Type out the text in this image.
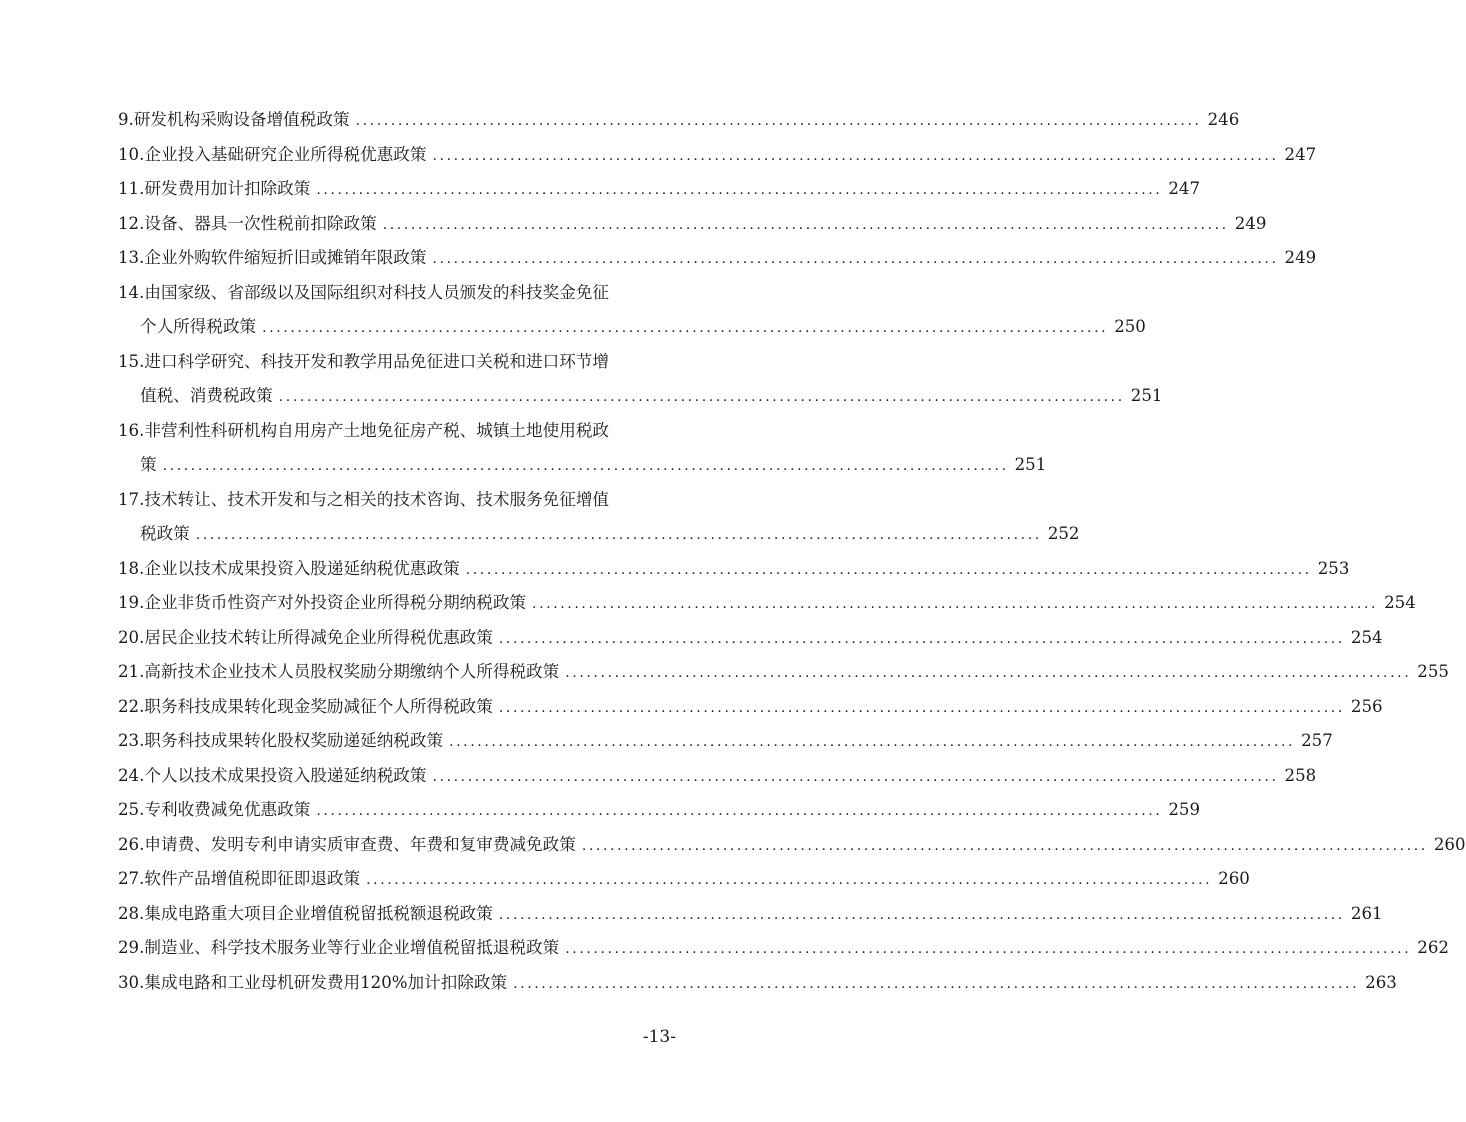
9.研发机构采购设备增值税政策 ........................................................................................................................ 246
10.企业投入基础研究企业所得税优惠政策 ........................................................................................................................ 247
11.研发费用加计扣除政策 ........................................................................................................................ 247
12.设备、器具一次性税前扣除政策 ........................................................................................................................ 249
13.企业外购软件缩短折旧或摊销年限政策 ........................................................................................................................ 249
14.由国家级、省部级以及国际组织对科技人员颁发的科技奖金免征
个人所得税政策 ........................................................................................................................ 250
15.进口科学研究、科技开发和教学用品免征进口关税和进口环节增
值税、消费税政策 ........................................................................................................................ 251
16.非营利性科研机构自用房产土地免征房产税、城镇土地使用税政
策 ........................................................................................................................ 251
17.技术转让、技术开发和与之相关的技术咨询、技术服务免征增值
税政策 ........................................................................................................................ 252
18.企业以技术成果投资入股递延纳税优惠政策 ........................................................................................................................ 253
19.企业非货币性资产对外投资企业所得税分期纳税政策 ........................................................................................................................ 254
20.居民企业技术转让所得减免企业所得税优惠政策 ........................................................................................................................ 254
21.高新技术企业技术人员股权奖励分期缴纳个人所得税政策 ........................................................................................................................ 255
22.职务科技成果转化现金奖励减征个人所得税政策 ........................................................................................................................ 256
23.职务科技成果转化股权奖励递延纳税政策 ........................................................................................................................ 257
24.个人以技术成果投资入股递延纳税政策 ........................................................................................................................ 258
25.专利收费减免优惠政策 ........................................................................................................................ 259
26.申请费、发明专利申请实质审查费、年费和复审费减免政策 ........................................................................................................................ 260
27.软件产品增值税即征即退政策 ........................................................................................................................ 260
28.集成电路重大项目企业增值税留抵税额退税政策 ........................................................................................................................ 261
29.制造业、科学技术服务业等行业企业增值税留抵退税政策 ........................................................................................................................ 262
30.集成电路和工业母机研发费用120%加计扣除政策 ........................................................................................................................ 263
-13-
